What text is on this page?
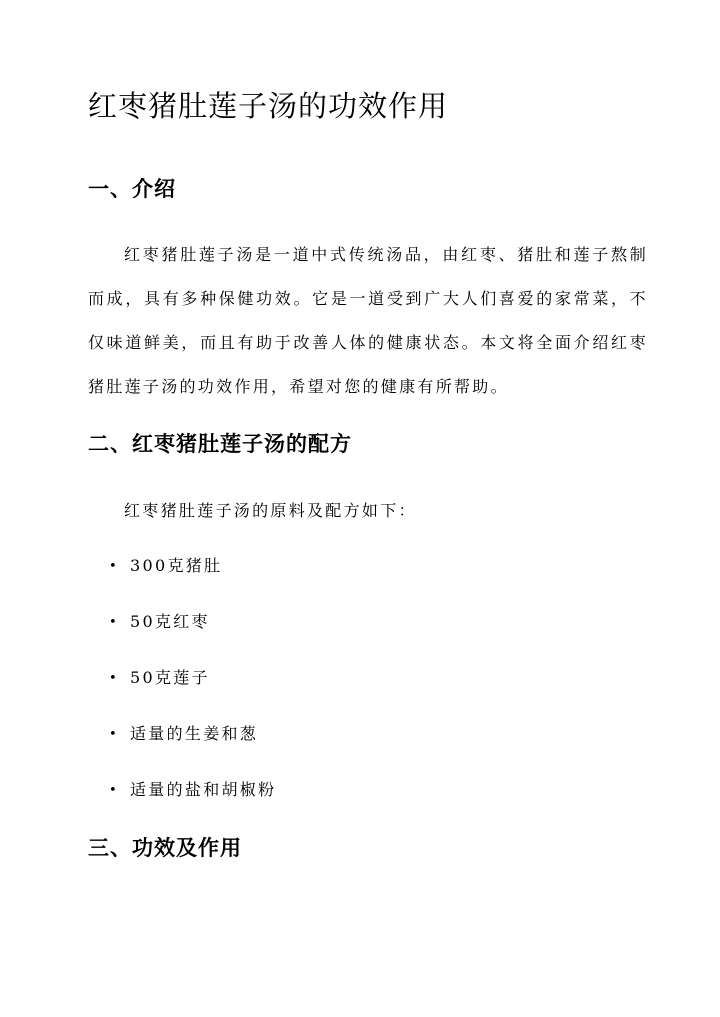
红枣猪肚莲子汤的功效作用
一、介绍

红枣猪肚莲子汤是一道中式传统汤品，由红枣、猪肚和莲子熬制而成，具有多种保健功效。它是一道受到广大人们喜爱的家常菜，不仅味道鲜美，而且有助于改善人体的健康状态。本文将全面介绍红枣猪肚莲子汤的功效作用，希望对您的健康有所帮助。

二、红枣猪肚莲子汤的配方

红枣猪肚莲子汤的原料及配方如下：

• 300克猪肚
• 50克红枣
• 50克莲子
• 适量的生姜和葱
• 适量的盐和胡椒粉
三、功效及作用
